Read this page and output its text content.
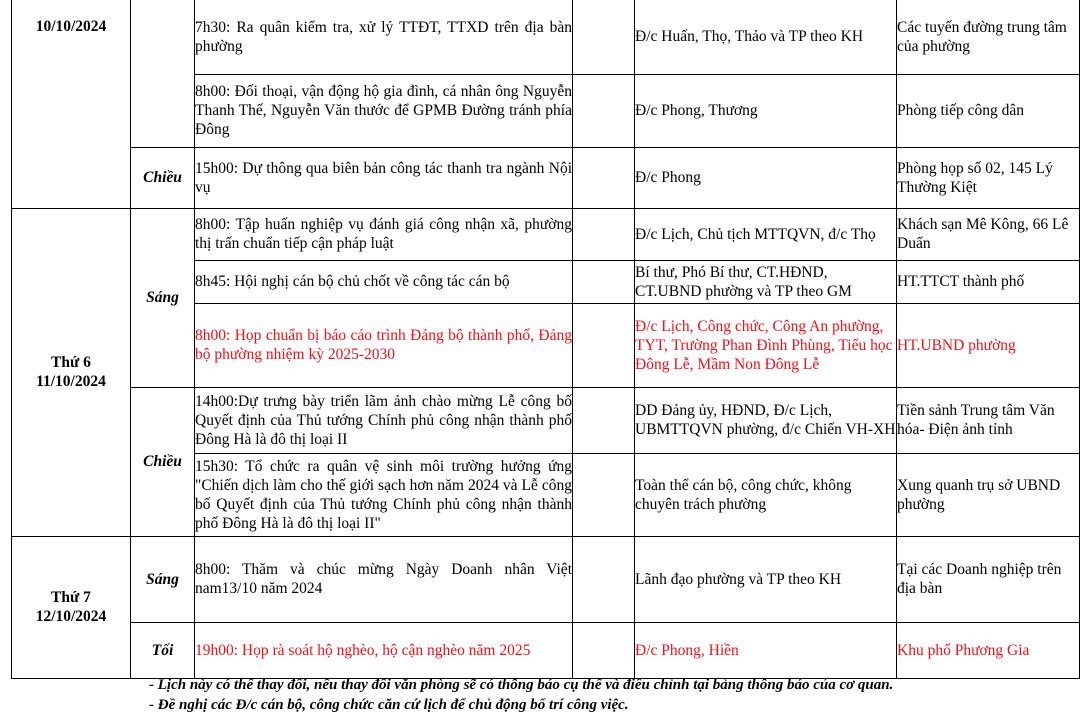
10/10/2024		7h30: Ra quân kiểm tra, xử lý TTĐT, TTXD trên địa bàn phường		Đ/c Huấn, Thọ, Thảo và TP theo KH	Các tuyến đường trung tâm của phường
		8h00: Đối thoại, vận động hộ gia đình, cá nhân ông Nguyễn Thanh Thế, Nguyễn Văn thước để GPMB Đường tránh phía Đông		Đ/c Phong, Thương	Phòng tiếp công dân
	Chiều	15h00: Dự thông qua biên bản công tác thanh tra ngành Nội vụ		Đ/c Phong	Phòng họp số 02, 145 Lý Thường Kiệt

Thứ 6
11/10/2024	Sáng	8h00: Tập huấn nghiệp vụ đánh giá công nhận xã, phường thị trấn chuẩn tiếp cận pháp luật		Đ/c Lịch, Chủ tịch MTTQVN, đ/c Thọ	Khách sạn Mê Kông, 66 Lê Duẩn
		8h45: Hội nghị cán bộ chủ chốt về công tác cán bộ		Bí thư, Phó Bí thư, CT.HĐND, CT.UBND phường và TP theo GM	HT.TTCT thành phố
		8h00: Họp chuẩn bị báo cáo trình Đảng bộ thành phố, Đảng bộ phường nhiệm kỳ 2025-2030		Đ/c Lịch, Công chức, Công An phường, TYT, Trường Phan Đình Phùng, Tiểu học Đông Lễ, Mầm Non Đông Lễ	HT.UBND phường
	Chiều	14h00:Dự trưng bày triển lãm ảnh chào mừng Lễ công bố Quyết định của Thủ tướng Chính phủ công nhận thành phố Đông Hà là đô thị loại II		DD Đảng ủy, HĐND, Đ/c Lịch, UBMTTQVN phường, đ/c Chiến VH-XH	Tiền sảnh Trung tâm Văn hóa- Điện ảnh tỉnh
		15h30: Tổ chức ra quân vệ sinh môi trường hưởng ứng "Chiến dịch làm cho thế giới sạch hơn năm 2024 và Lễ công bố Quyết định của Thủ tướng Chính phủ công nhận thành phố Đông Hà là đô thị loại II"		Toàn thể cán bộ, công chức, không chuyên trách phường	Xung quanh trụ sở UBND phường

Thứ 7
12/10/2024	Sáng	8h00: Thăm và chúc mừng Ngày Doanh nhân Việt nam13/10 năm 2024		Lãnh đạo phường và TP theo KH	Tại các Doanh nghiệp trên địa bàn
	Tối	19h00: Họp rà soát hộ nghèo, hộ cận nghèo năm 2025		Đ/c Phong, Hiền	Khu phố Phương Gia
- Lịch này có thể thay đổi, nếu thay đổi văn phòng sẽ có thông báo cụ thể và điều chỉnh tại bảng thông báo của cơ quan.
- Đề nghị các Đ/c cán bộ, công chức căn cứ lịch để chủ động bố trí công việc.
